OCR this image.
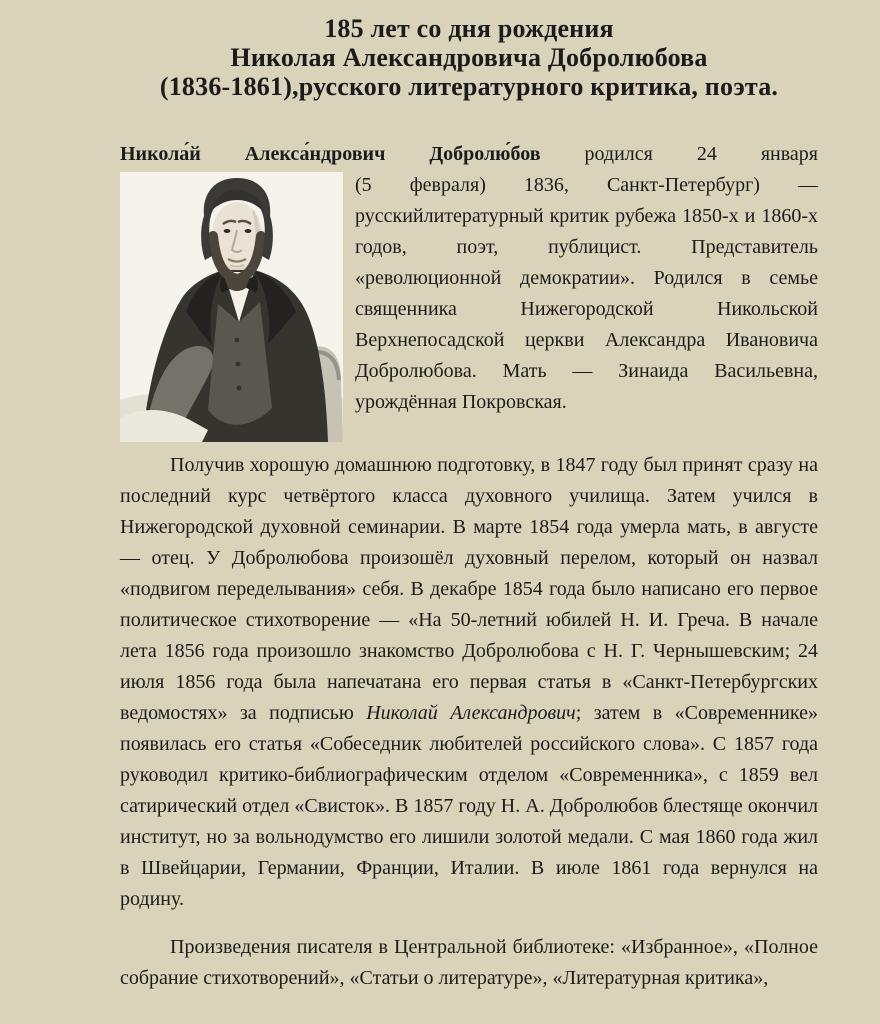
185 лет со дня рождения
Николая Александровича Добролюбова
(1836-1861),русского литературного критика, поэта.

Никола́й Алекса́ндрович Добролю́бов родился 24 января

(5 февраля) 1836, Санкт-Петербург) — русскийлитературный критик рубежа 1850-х и 1860-х годов, поэт, публицист. Представитель «революционной демократии». Родился в семье священника Нижегородской Никольской Верхнепосадской церкви Александра Ивановича Добролюбова. Мать — Зинаида Васильевна, урождённая Покровская.

Получив хорошую домашнюю подготовку, в 1847 году был принят сразу на последний курс четвёртого класса духовного училища. Затем учился в Нижегородской духовной семинарии. В марте 1854 года умерла мать, в августе — отец. У Добролюбова произошёл духовный перелом, который он назвал «подвигом переделывания» себя. В декабре 1854 года было написано его первое политическое стихотворение — «На 50-летний юбилей Н. И. Греча. В начале лета 1856 года произошло знакомство Добролюбова с Н. Г. Чернышевским; 24 июля 1856 года была напечатана его первая статья в «Санкт-Петербургских ведомостях» за подписью Николай Александрович; затем в «Современнике» появилась его статья «Собеседник любителей российского слова». С 1857 года руководил критико-библиографическим отделом «Современника», с 1859 вел сатирический отдел «Свисток». В 1857 году Н. А. Добролюбов блестяще окончил институт, но за вольнодумство его лишили золотой медали. С мая 1860 года жил в Швейцарии, Германии, Франции, Италии. В июле 1861 года вернулся на родину.

Произведения писателя в Центральной библиотеке: «Избранное», «Полное собрание стихотворений», «Статьи о литературе», «Литературная критика»,
